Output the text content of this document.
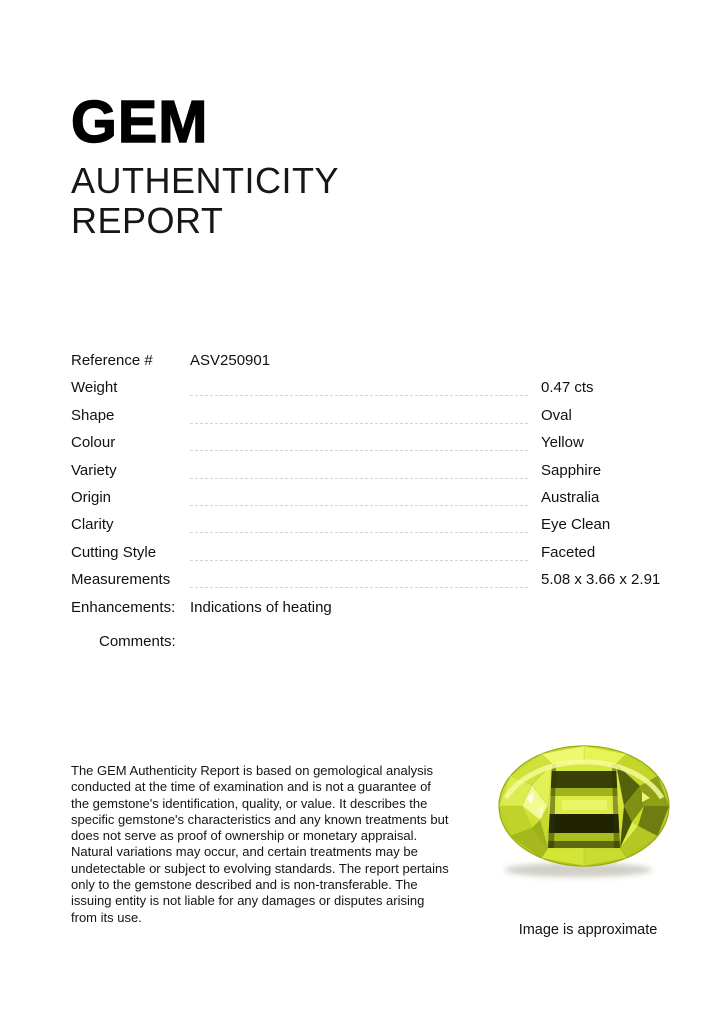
GEM
AUTHENTICITY
REPORT
Reference #	ASV250901
Weight	0.47 cts
Shape	Oval
Colour	Yellow
Variety	Sapphire
Origin	Australia
Clarity	Eye Clean
Cutting Style	Faceted
Measurements	5.08 x 3.66 x 2.91
Enhancements: Indications of heating
Comments:

The GEM Authenticity Report is based on gemological analysis conducted at the time of examination and is not a guarantee of the gemstone's identification, quality, or value. It describes the specific gemstone's characteristics and any known treatments but does not serve as proof of ownership or monetary appraisal. Natural variations may occur, and certain treatments may be undetectable or subject to evolving standards. The report pertains only to the gemstone described and is non-transferable. The issuing entity is not liable for any damages or disputes arising from its use.

Image is approximate
